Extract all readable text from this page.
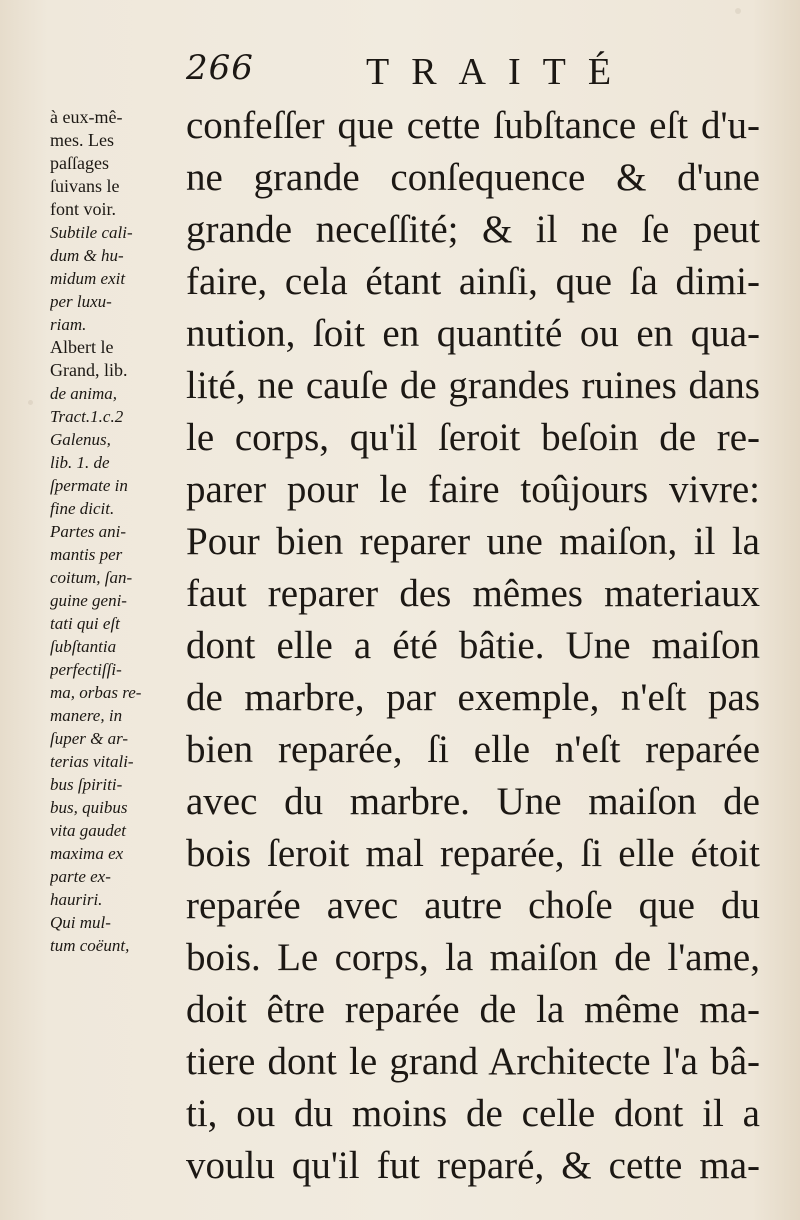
266	TRAITÉ
à eux-mê-
mes. Les
paſſages
ſuivans le
font voir.
Subtile cali-
dum & hu-
midum exit
per luxu-
riam.
Albert le
Grand, lib.
de anima,
Tract.1.c.2
Galenus,
lib. 1. de
ſpermate in
fine dicit.
Partes ani-
mantis per
coitum, ſan-
guine geni-
tati qui eſt
ſubſtantia
perfectiſſi-
ma, orbas re-
manere, in
ſuper & ar-
terias vitali-
bus ſpiriti-
bus, quibus
vita gaudet
maxima ex
parte ex-
hauriri.
Qui mul-
tum coëunt,
confeſſer que cette ſubſtance eſt d'u-
ne grande conſequence & d'une
grande neceſſité; & il ne ſe peut
faire, cela étant ainſi, que ſa dimi-
nution, ſoit en quantité ou en qua-
lité, ne cauſe de grandes ruines dans
le corps, qu'il ſeroit beſoin de re-
parer pour le faire toûjours vivre:
Pour bien reparer une maiſon, il la
faut reparer des mêmes materiaux
dont elle a été bâtie. Une maiſon
de marbre, par exemple, n'eſt pas
bien reparée, ſi elle n'eſt reparée
avec du marbre. Une maiſon de
bois ſeroit mal reparée, ſi elle étoit
reparée avec autre choſe que du
bois. Le corps, la maiſon de l'ame,
doit être reparée de la même ma-
tiere dont le grand Architecte l'a bâ-
ti, ou du moins de celle dont il a
voulu qu'il fut reparé, & cette ma-
